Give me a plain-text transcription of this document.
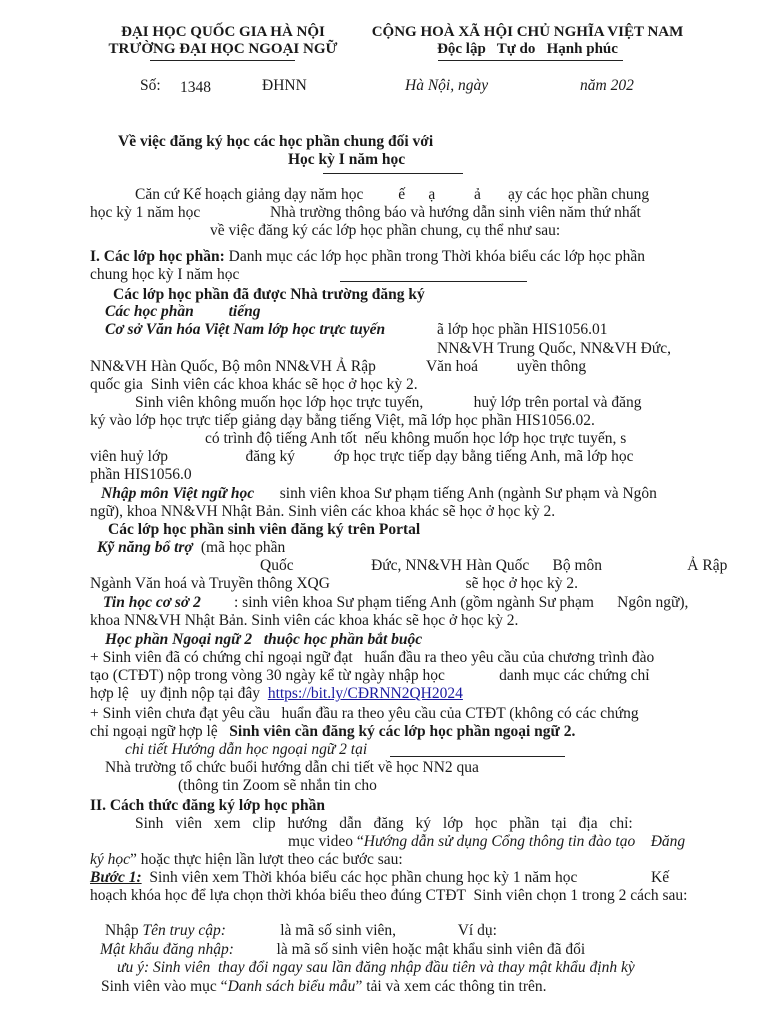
ĐẠI HỌC QUỐC GIA HÀ NỘI
TRƯỜNG ĐẠI HỌC NGOẠI NGỮ
CỘNG HOÀ XÃ HỘI CHỦ NGHĨA VIỆT NAM
Độc lập   Tự do   Hạnh phúc
Số: 1348	ĐHNN	Hà Nội, ngày	năm 202
Về việc đăng ký học các học phần chung đối với
Học kỳ I năm học
Căn cứ Kế hoạch giảng dạy năm học         ế      ạ          ả       ạy các học phần chung
học kỳ 1 năm học                  Nhà trường thông báo và hướng dẫn sinh viên năm thứ nhất
về việc đăng ký các lớp học phần chung, cụ thể như sau:
I. Các lớp học phần: Danh mục các lớp học phần trong Thời khóa biểu các lớp học phần
chung học kỳ I năm học
Các lớp học phần đã được Nhà trường đăng ký
Các học phần         tiếng
Cơ sở Văn hóa Việt Nam lớp học trực tuyến	ã lớp học phần HIS1056.01
NN&VH Trung Quốc, NN&VH Đức,
NN&VH Hàn Quốc, Bộ môn NN&VH Ả Rập             Văn hoá          uyền thông
quốc gia  Sinh viên các khoa khác sẽ học ở học kỳ 2.
Sinh viên không muốn học lớp học trực tuyến,             huỷ lớp trên portal và đăng
ký vào lớp học trực tiếp giảng dạy bằng tiếng Việt, mã lớp học phần HIS1056.02.
có trình độ tiếng Anh tốt  nếu không muốn học lớp học trực tuyến, s
viên huỷ lớp                    đăng ký          ớp học trực tiếp dạy bằng tiếng Anh, mã lớp học
phần HIS1056.0
Nhập môn Việt ngữ học sinh viên khoa Sư phạm tiếng Anh (ngành Sư phạm và Ngôn
ngữ), khoa NN&VH Nhật Bản. Sinh viên các khoa khác sẽ học ở học kỳ 2.
Các lớp học phần sinh viên đăng ký trên Portal
Kỹ năng bổ trợ (mã học phần
Quốc                    Đức, NN&VH Hàn Quốc      Bộ môn                      Ả Rập
Ngành Văn hoá và Truyền thông XQG                                   sẽ học ở học kỳ 2.
Tin học cơ sở 2 : sinh viên khoa Sư phạm tiếng Anh (gồm ngành Sư phạm      Ngôn ngữ),
khoa NN&VH Nhật Bản. Sinh viên các khoa khác sẽ học ở học kỳ 2.
Học phần Ngoại ngữ 2   thuộc học phần bắt buộc
+ Sinh viên đã có chứng chỉ ngoại ngữ đạt   huẩn đầu ra theo yêu cầu của chương trình đào
tạo (CTĐT) nộp trong vòng 30 ngày kể từ ngày nhập học              danh mục các chứng chỉ
hợp lệ   uy định nộp tại đây  https://bit.ly/CĐRNN2QH2024
+ Sinh viên chưa đạt yêu cầu   huẩn đầu ra theo yêu cầu của CTĐT (không có các chứng
chỉ ngoại ngữ hợp lệ   Sinh viên cần đăng ký các lớp học phần ngoại ngữ 2.
chi tiết Hướng dẫn học ngoại ngữ 2 tại
Nhà trường tổ chức buổi hướng dẫn chi tiết về học NN2 qua
(thông tin Zoom sẽ nhắn tin cho
II. Cách thức đăng ký lớp học phần
Sinh viên xem clip hướng dẫn đăng ký lớp học phần tại địa chỉ:
mục video “Hướng dẫn sử dụng Cổng thông tin đào tạo    Đăng
ký học” hoặc thực hiện lần lượt theo các bước sau:
Bước 1:  Sinh viên xem Thời khóa biểu các học phần chung học kỳ 1 năm học                   Kế
hoạch khóa học để lựa chọn thời khóa biểu theo đúng CTĐT  Sinh viên chọn 1 trong 2 cách sau:
Nhập Tên truy cập:              là mã số sinh viên,                Ví dụ:
Mật khẩu đăng nhập:           là mã số sinh viên hoặc mật khẩu sinh viên đã đổi
ưu ý: Sinh viên  thay đổi ngay sau lần đăng nhập đầu tiên và thay mật khẩu định kỳ
Sinh viên vào mục “Danh sách biểu mẫu” tải và xem các thông tin trên.
